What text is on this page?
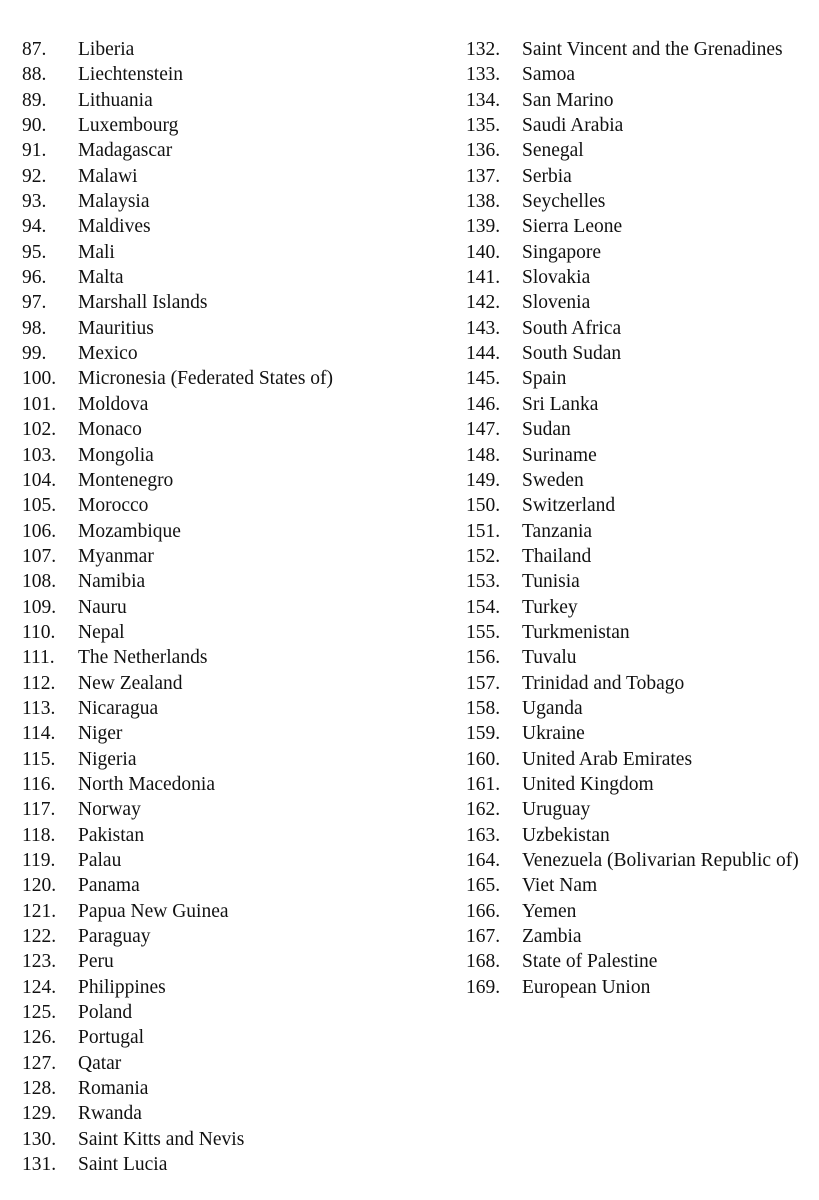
87.	Liberia
88.	Liechtenstein
89.	Lithuania
90.	Luxembourg
91.	Madagascar
92.	Malawi
93.	Malaysia
94.	Maldives
95.	Mali
96.	Malta
97.	Marshall Islands
98.	Mauritius
99.	Mexico
100.	Micronesia (Federated States of)
101.	Moldova
102.	Monaco
103.	Mongolia
104.	Montenegro
105.	Morocco
106.	Mozambique
107.	Myanmar
108.	Namibia
109.	Nauru
110.	Nepal
111.	The Netherlands
112.	New Zealand
113.	Nicaragua
114.	Niger
115.	Nigeria
116.	North Macedonia
117.	Norway
118.	Pakistan
119.	Palau
120.	Panama
121.	Papua New Guinea
122.	Paraguay
123.	Peru
124.	Philippines
125.	Poland
126.	Portugal
127.	Qatar
128.	Romania
129.	Rwanda
130.	Saint Kitts and Nevis
131.	Saint Lucia
132.	Saint Vincent and the Grenadines
133.	Samoa
134.	San Marino
135.	Saudi Arabia
136.	Senegal
137.	Serbia
138.	Seychelles
139.	Sierra Leone
140.	Singapore
141.	Slovakia
142.	Slovenia
143.	South Africa
144.	South Sudan
145.	Spain
146.	Sri Lanka
147.	Sudan
148.	Suriname
149.	Sweden
150.	Switzerland
151.	Tanzania
152.	Thailand
153.	Tunisia
154.	Turkey
155.	Turkmenistan
156.	Tuvalu
157.	Trinidad and Tobago
158.	Uganda
159.	Ukraine
160.	United Arab Emirates
161.	United Kingdom
162.	Uruguay
163.	Uzbekistan
164.	Venezuela (Bolivarian Republic of)
165.	Viet Nam
166.	Yemen
167.	Zambia
168.	State of Palestine
169.	European Union
